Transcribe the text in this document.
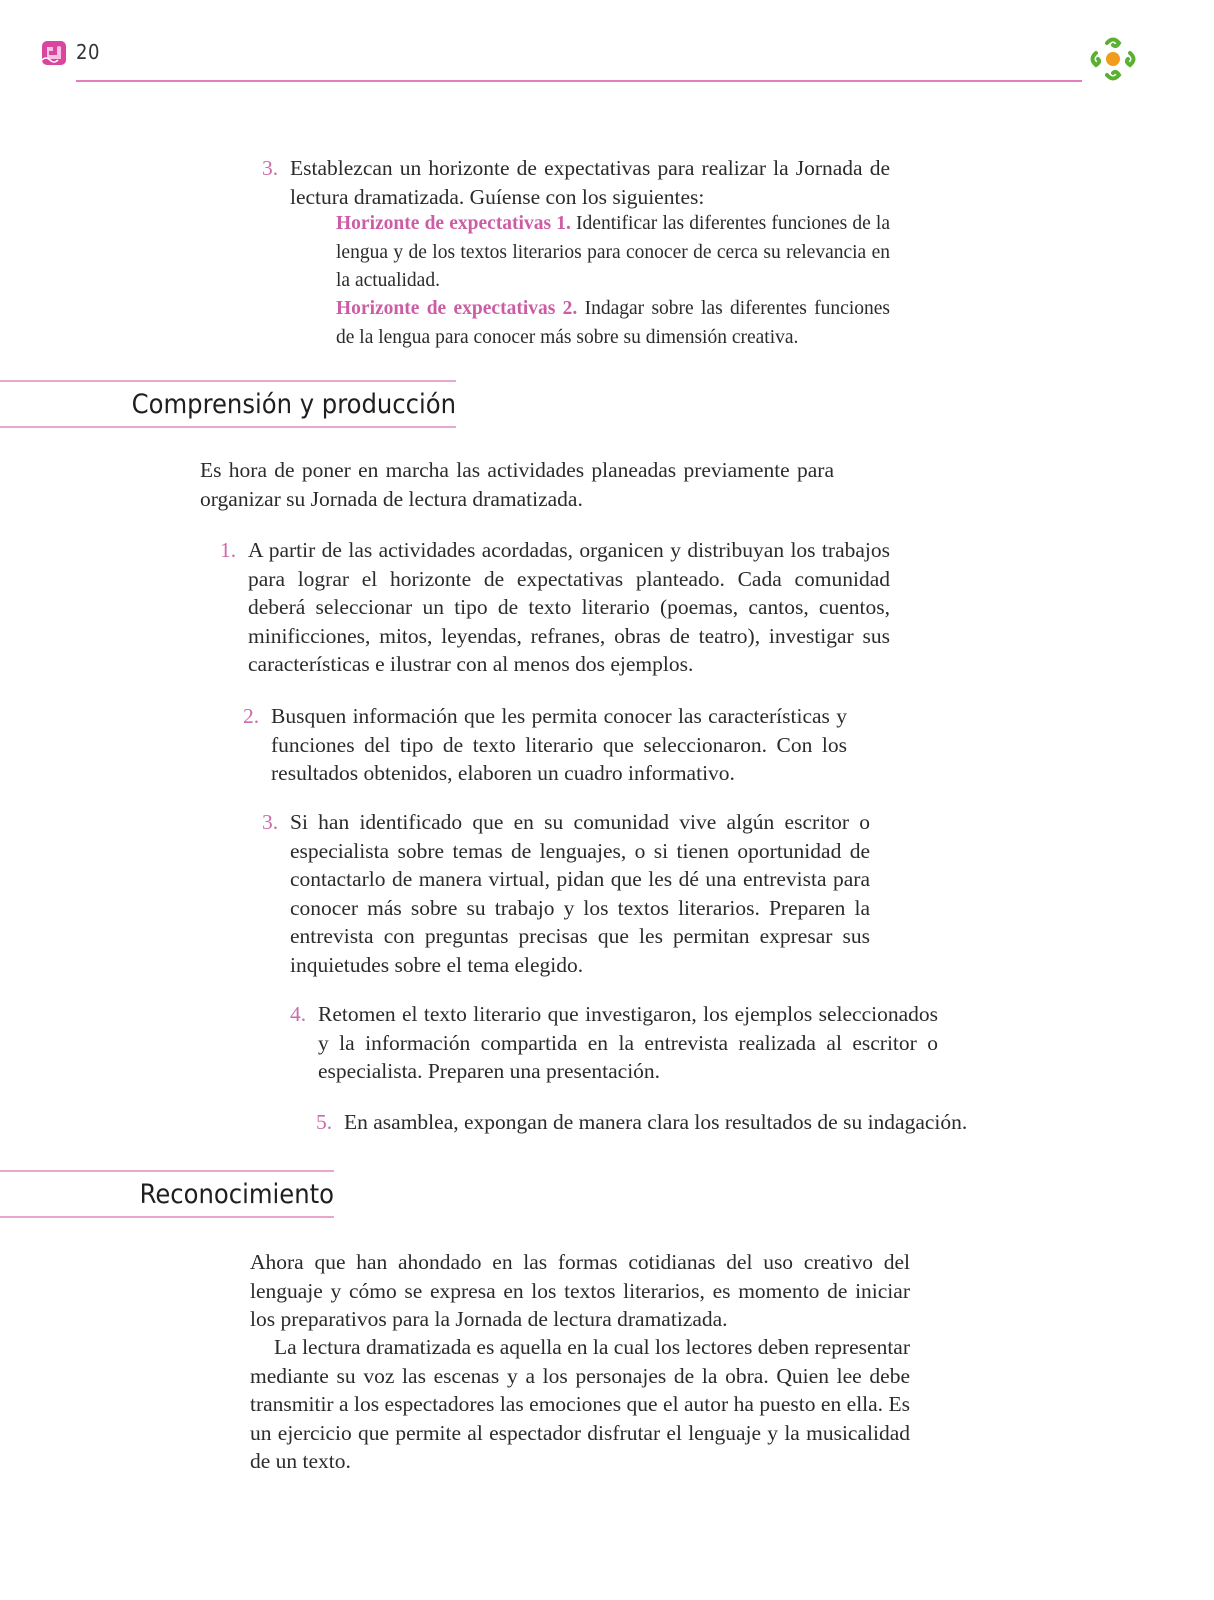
20
3. Establezcan un horizonte de expectativas para realizar la Jornada de lectura dramatizada. Guíense con los siguientes:
Horizonte de expectativas 1. Identificar las diferentes funciones de la lengua y de los textos literarios para conocer de cerca su relevancia en la actualidad.
Horizonte de expectativas 2. Indagar sobre las diferentes funciones de la lengua para conocer más sobre su dimensión creativa.
Comprensión y producción
Es hora de poner en marcha las actividades planeadas previamente para organizar su Jornada de lectura dramatizada.
1. A partir de las actividades acordadas, organicen y distribuyan los trabajos para lograr el horizonte de expectativas planteado. Cada comunidad deberá seleccionar un tipo de texto literario (poemas, cantos, cuentos, minificciones, mitos, leyendas, refranes, obras de teatro), investigar sus características e ilustrar con al menos dos ejemplos.
2. Busquen información que les permita conocer las características y funciones del tipo de texto literario que seleccionaron. Con los resultados obtenidos, elaboren un cuadro informativo.
3. Si han identificado que en su comunidad vive algún escritor o especialista sobre temas de lenguajes, o si tienen oportunidad de contactarlo de manera virtual, pidan que les dé una entrevista para conocer más sobre su trabajo y los textos literarios. Preparen la entrevista con preguntas precisas que les permitan expresar sus inquietudes sobre el tema elegido.
4. Retomen el texto literario que investigaron, los ejemplos seleccionados y la información compartida en la entrevista realizada al escritor o especialista. Preparen una presentación.
5. En asamblea, expongan de manera clara los resultados de su indagación.
Reconocimiento
Ahora que han ahondado en las formas cotidianas del uso creativo del lenguaje y cómo se expresa en los textos literarios, es momento de iniciar los preparativos para la Jornada de lectura dramatizada.
La lectura dramatizada es aquella en la cual los lectores deben representar mediante su voz las escenas y a los personajes de la obra. Quien lee debe transmitir a los espectadores las emociones que el autor ha puesto en ella. Es un ejercicio que permite al espectador disfrutar el lenguaje y la musicalidad de un texto.
